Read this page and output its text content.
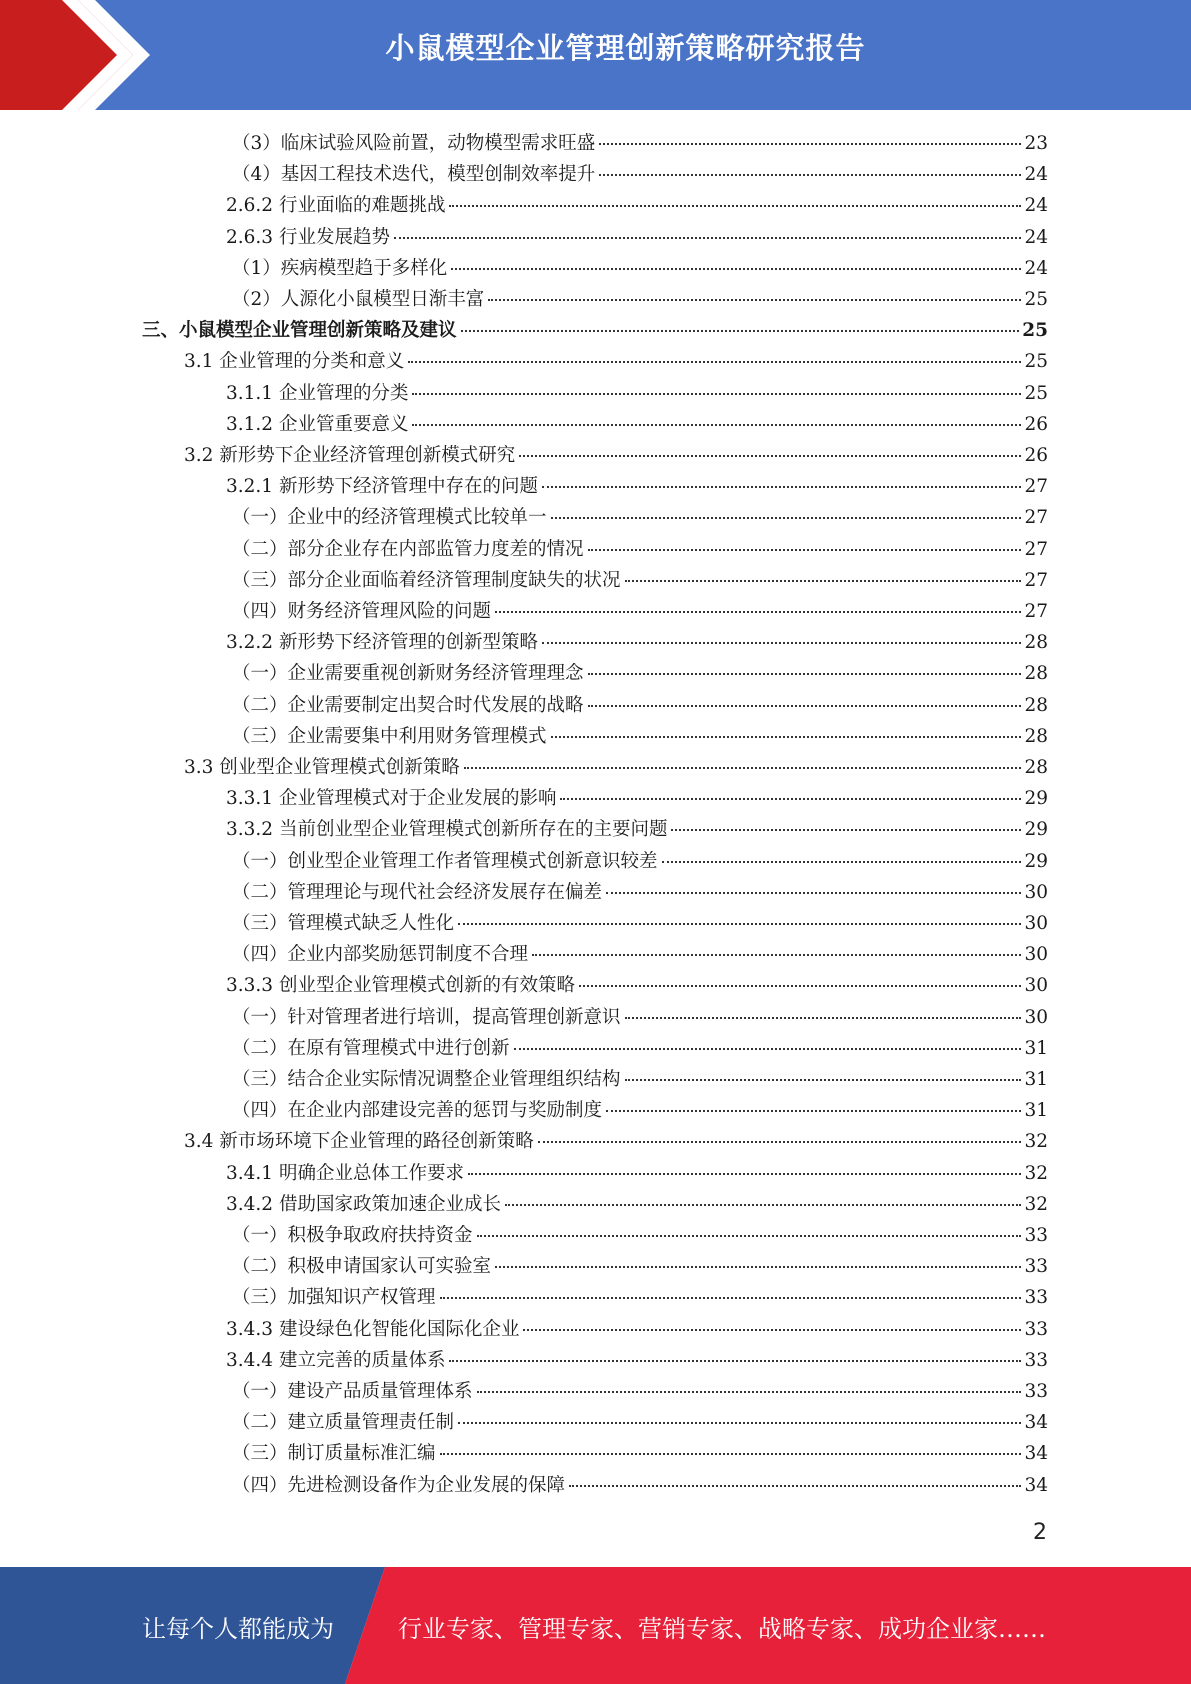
小鼠模型企业管理创新策略研究报告
（3）临床试验风险前置，动物模型需求旺盛	23
（4）基因工程技术迭代，模型创制效率提升	24
2.6.2 行业面临的难题挑战	24
2.6.3 行业发展趋势	24
（1）疾病模型趋于多样化	24
（2）人源化小鼠模型日渐丰富	25
三、小鼠模型企业管理创新策略及建议	25
3.1 企业管理的分类和意义	25
3.1.1 企业管理的分类	25
3.1.2 企业管重要意义	26
3.2 新形势下企业经济管理创新模式研究	26
3.2.1 新形势下经济管理中存在的问题	27
（一）企业中的经济管理模式比较单一	27
（二）部分企业存在内部监管力度差的情况	27
（三）部分企业面临着经济管理制度缺失的状况	27
（四）财务经济管理风险的问题	27
3.2.2 新形势下经济管理的创新型策略	28
（一）企业需要重视创新财务经济管理理念	28
（二）企业需要制定出契合时代发展的战略	28
（三）企业需要集中利用财务管理模式	28
3.3 创业型企业管理模式创新策略	28
3.3.1 企业管理模式对于企业发展的影响	29
3.3.2 当前创业型企业管理模式创新所存在的主要问题	29
（一）创业型企业管理工作者管理模式创新意识较差	29
（二）管理理论与现代社会经济发展存在偏差	30
（三）管理模式缺乏人性化	30
（四）企业内部奖励惩罚制度不合理	30
3.3.3 创业型企业管理模式创新的有效策略	30
（一）针对管理者进行培训，提高管理创新意识	30
（二）在原有管理模式中进行创新	31
（三）结合企业实际情况调整企业管理组织结构	31
（四）在企业内部建设完善的惩罚与奖励制度	31
3.4 新市场环境下企业管理的路径创新策略	32
3.4.1 明确企业总体工作要求	32
3.4.2 借助国家政策加速企业成长	32
（一）积极争取政府扶持资金	33
（二）积极申请国家认可实验室	33
（三）加强知识产权管理	33
3.4.3 建设绿色化智能化国际化企业	33
3.4.4 建立完善的质量体系	33
（一）建设产品质量管理体系	33
（二）建立质量管理责任制	34
（三）制订质量标准汇编	34
（四）先进检测设备作为企业发展的保障	34
2
让每个人都能成为	行业专家、管理专家、营销专家、战略专家、成功企业家……
